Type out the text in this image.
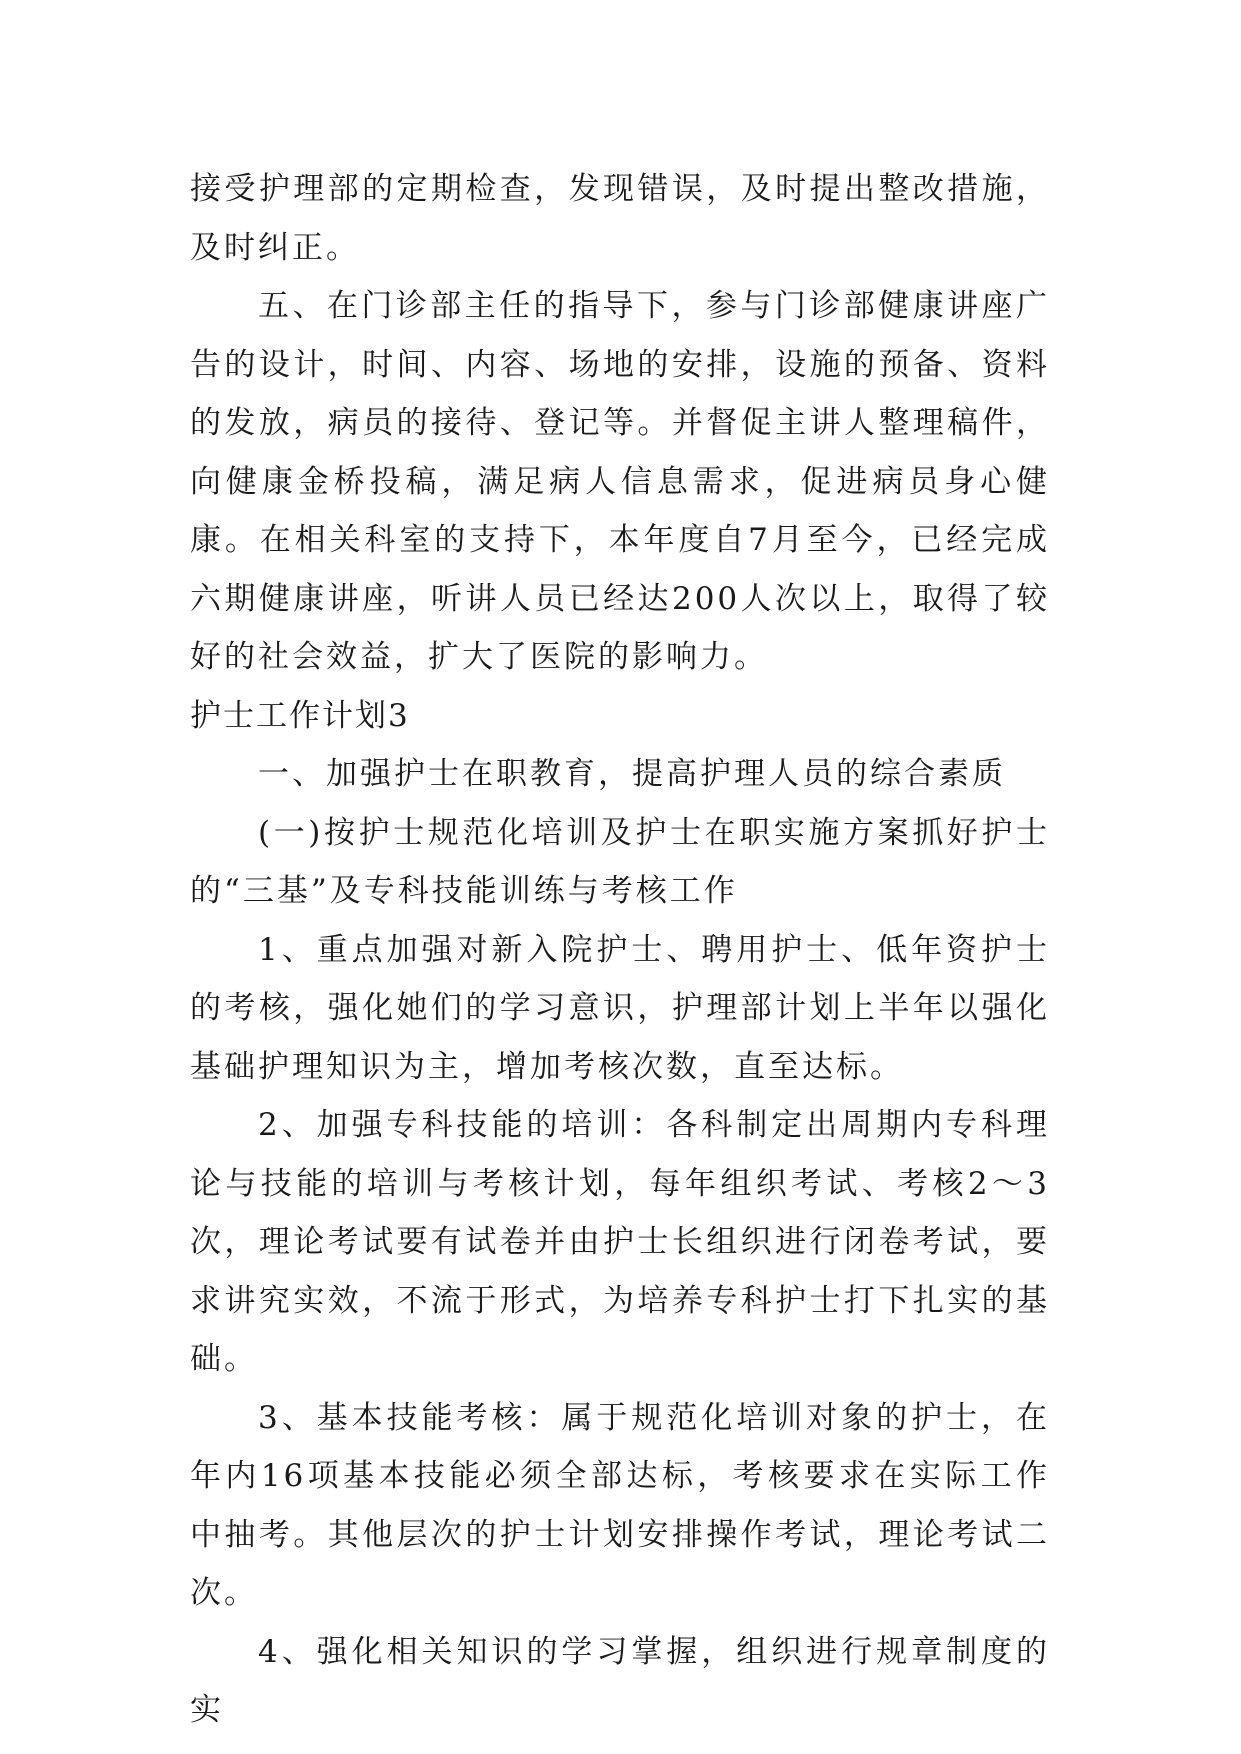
接受护理部的定期检查，发现错误，及时提出整改措施，及时纠正。

五、在门诊部主任的指导下，参与门诊部健康讲座广告的设计，时间、内容、场地的安排，设施的预备、资料的发放，病员的接待、登记等。并督促主讲人整理稿件，向健康金桥投稿，满足病人信息需求，促进病员身心健康。在相关科室的支持下，本年度自7月至今，已经完成六期健康讲座，听讲人员已经达200人次以上，取得了较好的社会效益，扩大了医院的影响力。

护士工作计划3

一、加强护士在职教育，提高护理人员的综合素质

(一)按护士规范化培训及护士在职实施方案抓好护士的“三基”及专科技能训练与考核工作

1、重点加强对新入院护士、聘用护士、低年资护士的考核，强化她们的学习意识，护理部计划上半年以强化基础护理知识为主，增加考核次数，直至达标。

2、加强专科技能的培训：各科制定出周期内专科理论与技能的培训与考核计划，每年组织考试、考核2～3次，理论考试要有试卷并由护士长组织进行闭卷考试，要求讲究实效，不流于形式，为培养专科护士打下扎实的基础。

3、基本技能考核：属于规范化培训对象的护士，在年内16项基本技能必须全部达标，考核要求在实际工作中抽考。其他层次的护士计划安排操作考试，理论考试二次。

4、强化相关知识的学习掌握，组织进行规章制度的实
